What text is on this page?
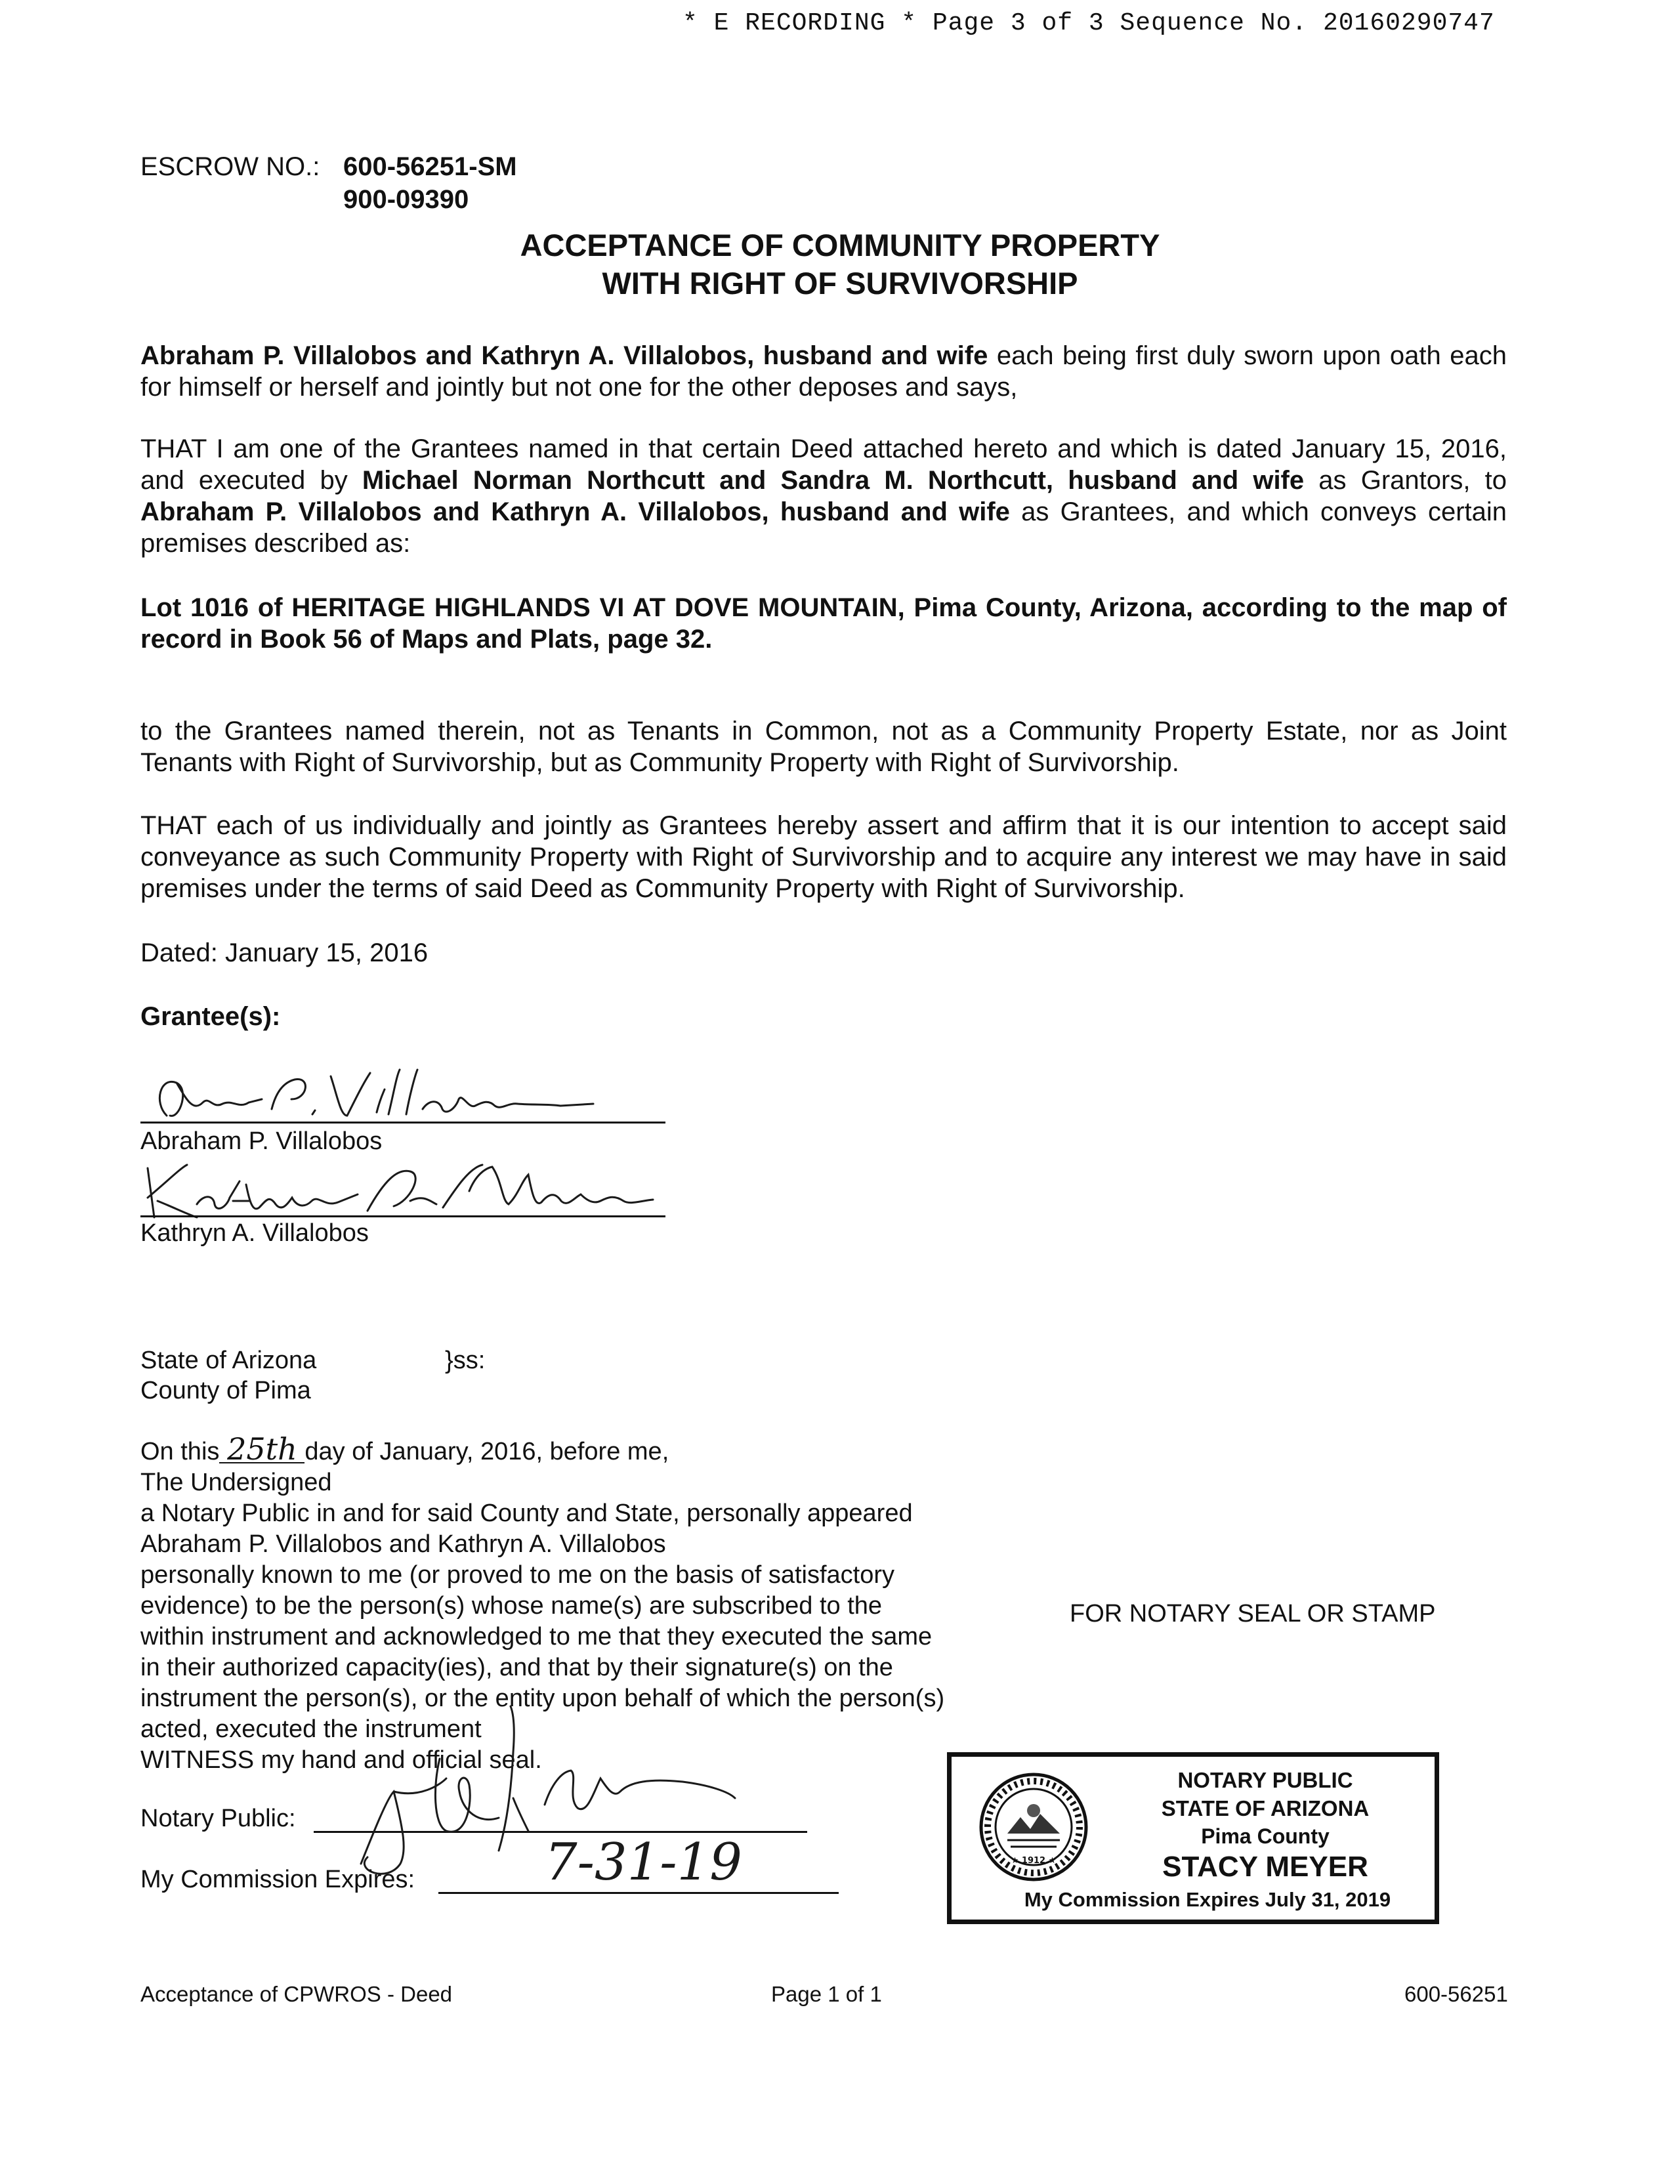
* E RECORDING * Page 3 of 3 Sequence No. 20160290747
ESCROW NO.: 600-56251-SM
900-09390
ACCEPTANCE OF COMMUNITY PROPERTY
WITH RIGHT OF SURVIVORSHIP

Abraham P. Villalobos and Kathryn A. Villalobos, husband and wife each being first duly sworn upon oath each for himself or herself and jointly but not one for the other deposes and says,

THAT I am one of the Grantees named in that certain Deed attached hereto and which is dated January 15, 2016, and executed by Michael Norman Northcutt and Sandra M. Northcutt, husband and wife as Grantors, to Abraham P. Villalobos and Kathryn A. Villalobos, husband and wife as Grantees, and which conveys certain premises described as:

Lot 1016 of HERITAGE HIGHLANDS VI AT DOVE MOUNTAIN, Pima County, Arizona, according to the map of record in Book 56 of Maps and Plats, page 32.

to the Grantees named therein, not as Tenants in Common, not as a Community Property Estate, nor as Joint Tenants with Right of Survivorship, but as Community Property with Right of Survivorship.

THAT each of us individually and jointly as Grantees hereby assert and affirm that it is our intention to accept said conveyance as such Community Property with Right of Survivorship and to acquire any interest we may have in said premises under the terms of said Deed as Community Property with Right of Survivorship.

Dated: January 15, 2016
Grantee(s):
Abraham P. Villalobos
Kathryn A. Villalobos
State of Arizona	}ss:
County of Pima
On this 25th day of January, 2016, before me,
The Undersigned
a Notary Public in and for said County and State, personally appeared
Abraham P. Villalobos and Kathryn A. Villalobos
personally known to me (or proved to me on the basis of satisfactory
evidence) to be the person(s) whose name(s) are subscribed to the
within instrument and acknowledged to me that they executed the same
in their authorized capacity(ies), and that by their signature(s) on the
instrument the person(s), or the entity upon behalf of which the person(s)
acted, executed the instrument
WITNESS my hand and official seal.
Notary Public:
My Commission Expires:	7-31-19
FOR NOTARY SEAL OR STAMP
★ 1912 ★
NOTARY PUBLIC
STATE OF ARIZONA
Pima County
STACY MEYER
My Commission Expires July 31, 2019
Acceptance of CPWROS - Deed	Page 1 of 1	600-56251
